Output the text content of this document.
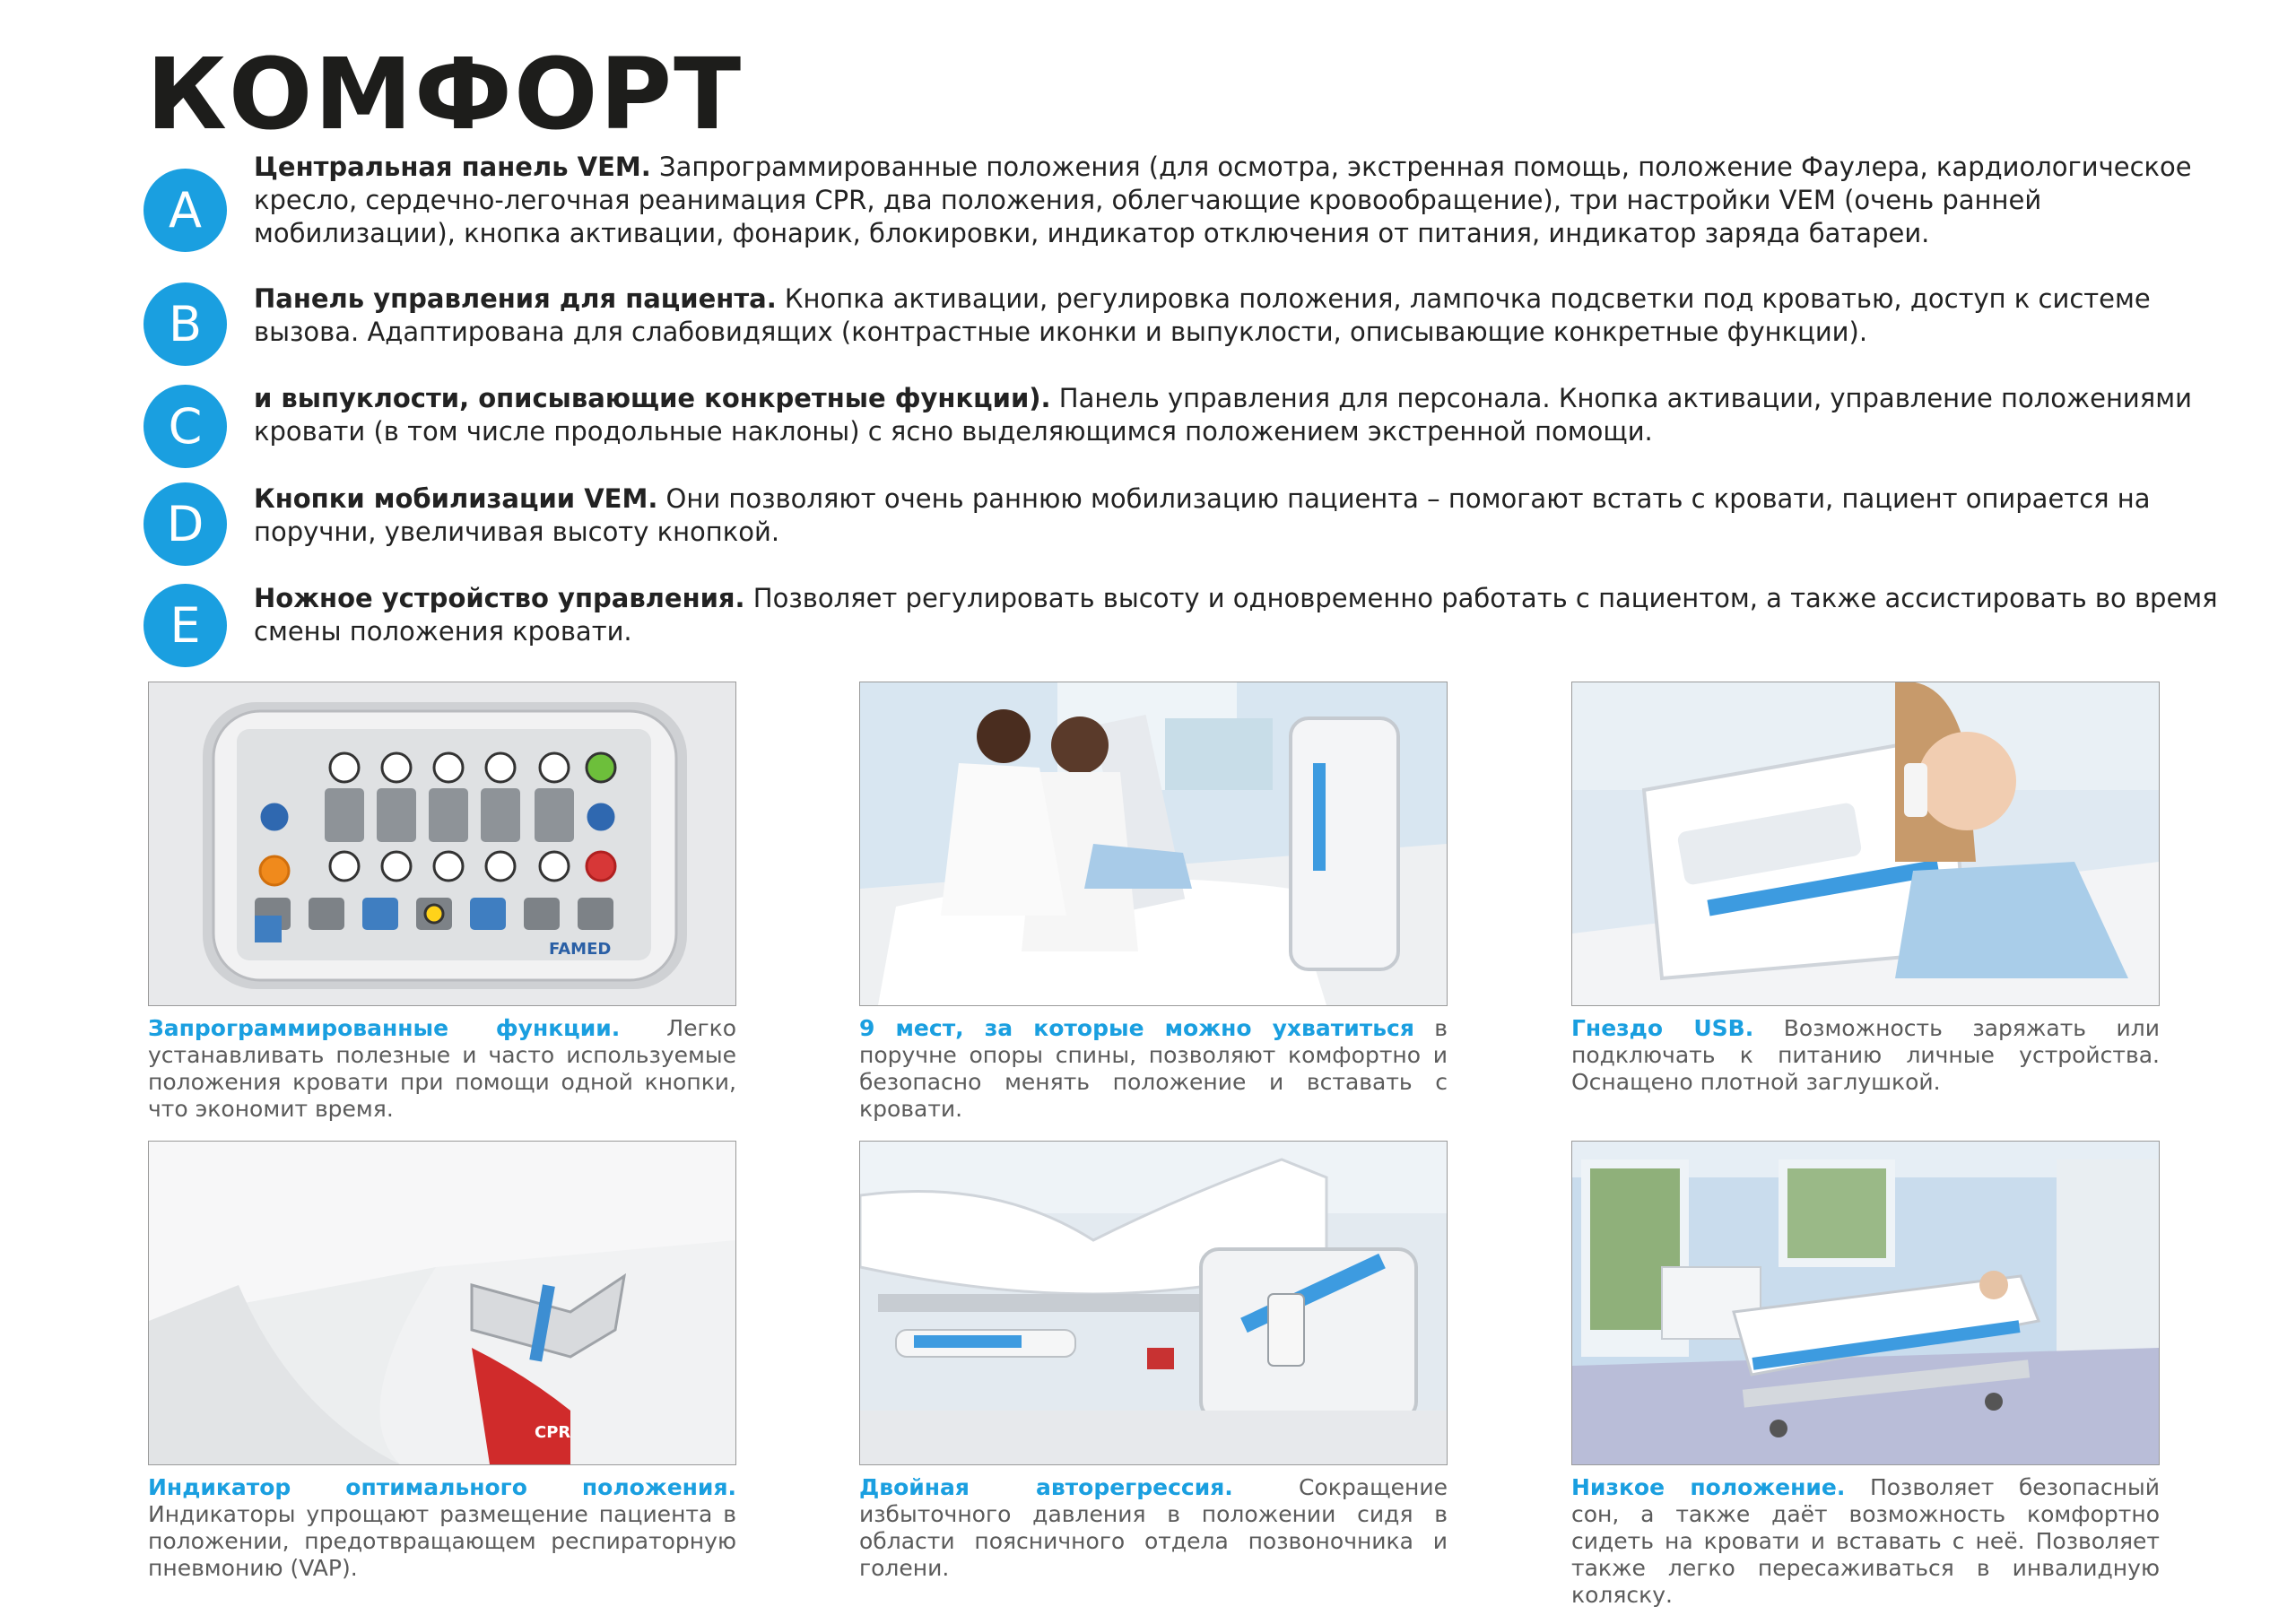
КОМФОРТ
A
Центральная панель VEM. Запрограммированные положения (для осмотра, экстренная помощь, положение Фаулера, кардиологическое кресло, сердечно-легочная реанимация CPR, два положения, облегчающие кровообращение), три настройки VEM (очень ранней мобилизации), кнопка активации, фонарик, блокировки, индикатор отключения от питания, индикатор заряда батареи.
B	Панель управления для пациента. Кнопка активации, регулировка положения, лампочка подсветки под кроватью, доступ к системе вызова. Адаптирована для слабовидящих (контрастные иконки и выпуклости, описывающие конкретные функции).
C	и выпуклости, описывающие конкретные функции). Панель управления для персонала. Кнопка активации, управление положениями кровати (в том числе продольные наклоны) с ясно выделяющимся положением экстренной помощи.
D	Кнопки мобилизации VEM. Они позволяют очень раннюю мобилизацию пациента – помогают встать с кровати, пациент опирается на поручни, увеличивая высоту кнопкой.
E	Ножное устройство управления. Позволяет регулировать высоту и одновременно работать с пациентом, а также ассистировать во время смены положения кровати.
FAMED
Запрограммированные функции. Легко устанавливать полезные и часто используемые положения кровати при помощи одной кнопки, что экономит время.
9 мест, за которые можно ухватиться в поручне опоры спины, позволяют комфортно и безопасно менять положение и вставать с кровати.
Гнездо USB. Возможность заряжать или подключать к питанию личные устройства. Оснащено плотной заглушкой.
CPR
Индикатор оптимального положения. Индикаторы упрощают размещение пациента в положении, предотвращающем респираторную пневмонию (VAP).
Двойная авторегрессия. Сокращение избыточного давления в положении сидя в области поясничного отдела позвоночника и голени.
Низкое положение. Позволяет безопасный сон, а также даёт возможность комфортно сидеть на кровати и вставать с неё. Позволяет также легко пересаживаться в инвалидную коляску.
